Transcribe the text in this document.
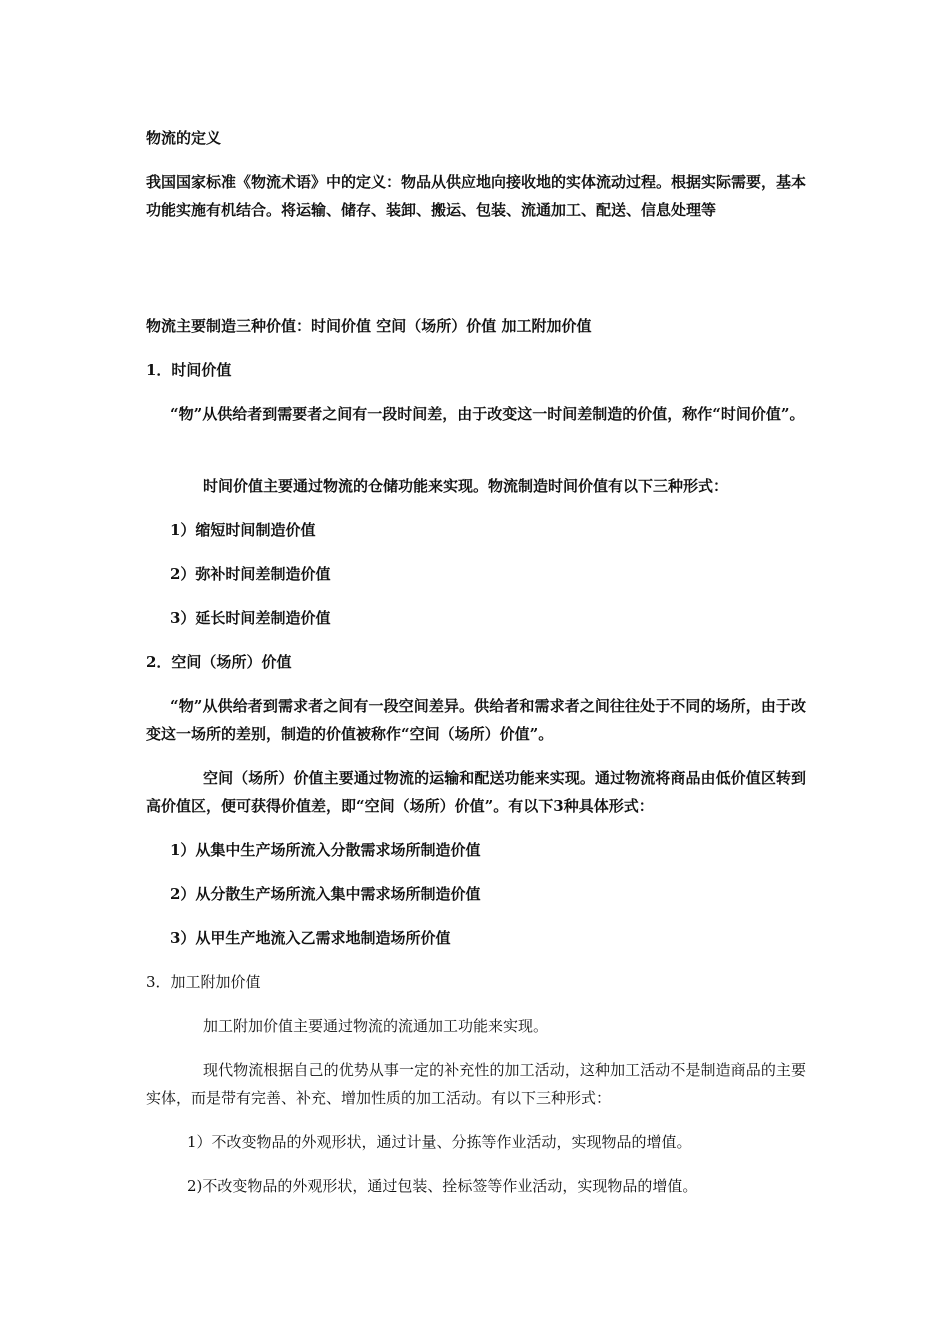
物流的定义
我国国家标准《物流术语》中的定义：物品从供应地向接收地的实体流动过程。根据实际需要，基本功能实施有机结合。将运输、储存、装卸、搬运、包装、流通加工、配送、信息处理等
物流主要制造三种价值：时间价值 空间（场所）价值 加工附加价值
1．时间价值
“物”从供给者到需要者之间有一段时间差，由于改变这一时间差制造的价值，称作“时间价值”。
时间价值主要通过物流的仓储功能来实现。物流制造时间价值有以下三种形式：
1）缩短时间制造价值
2）弥补时间差制造价值
3）延长时间差制造价值
2．空间（场所）价值
“物”从供给者到需求者之间有一段空间差异。供给者和需求者之间往往处于不同的场所，由于改变这一场所的差别，制造的价值被称作“空间（场所）价值”。
空间（场所）价值主要通过物流的运输和配送功能来实现。通过物流将商品由低价值区转到高价值区，便可获得价值差，即“空间（场所）价值”。有以下3种具体形式：
1）从集中生产场所流入分散需求场所制造价值
2）从分散生产场所流入集中需求场所制造价值
3）从甲生产地流入乙需求地制造场所价值
3．加工附加价值
加工附加价值主要通过物流的流通加工功能来实现。
现代物流根据自己的优势从事一定的补充性的加工活动，这种加工活动不是制造商品的主要实体，而是带有完善、补充、增加性质的加工活动。有以下三种形式：
1）不改变物品的外观形状，通过计量、分拣等作业活动，实现物品的增值。
2)不改变物品的外观形状，通过包装、拴标签等作业活动，实现物品的增值。
